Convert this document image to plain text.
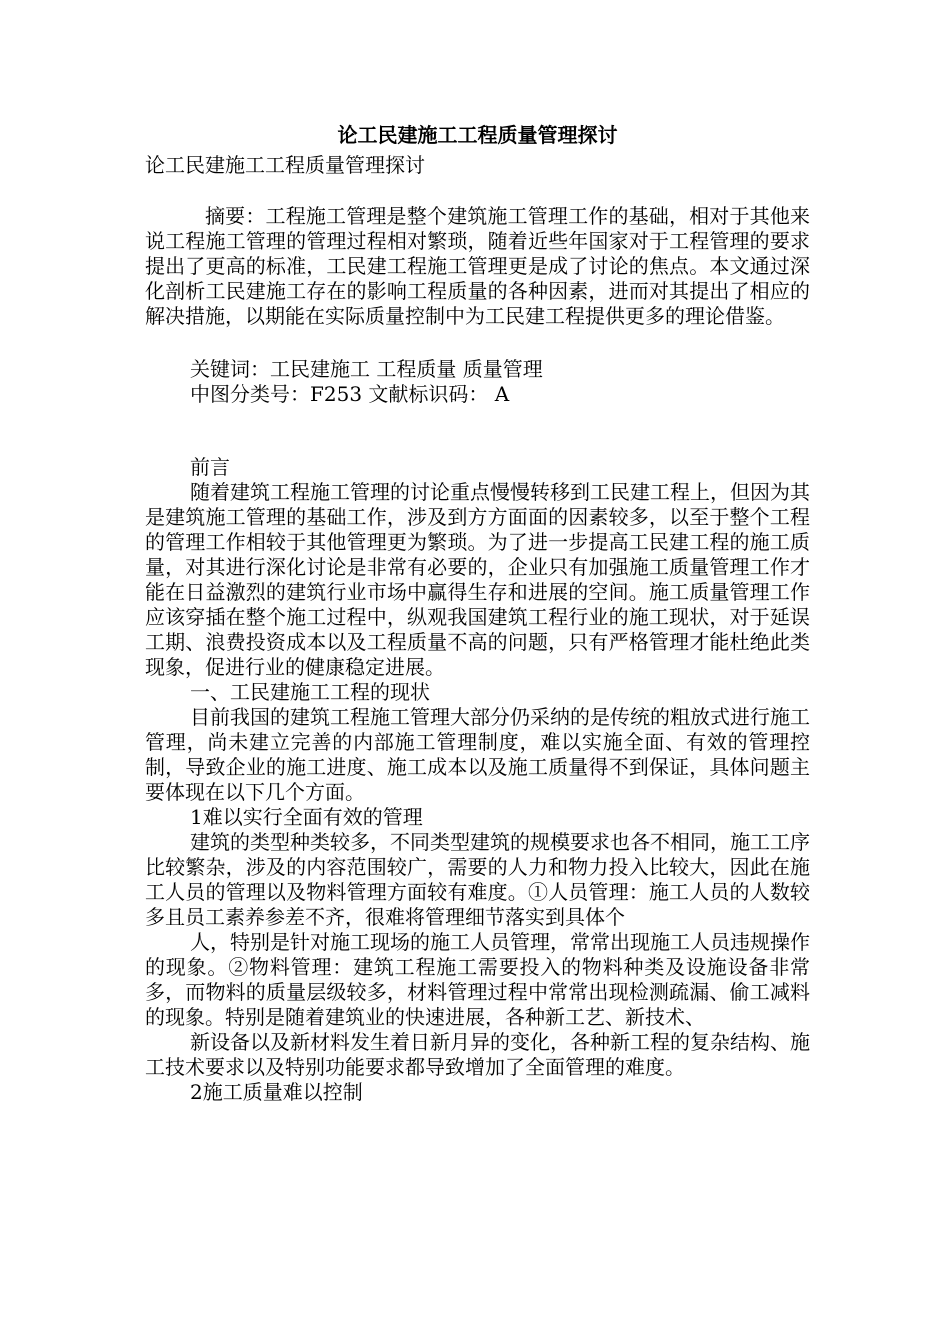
论工民建施工工程质量管理探讨

论工民建施工工程质量管理探讨

摘要：工程施工管理是整个建筑施工管理工作的基础，相对于其他来说工程施工管理的管理过程相对繁琐，随着近些年国家对于工程管理的要求提出了更高的标准，工民建工程施工管理更是成了讨论的焦点。本文通过深化剖析工民建施工存在的影响工程质量的各种因素，进而对其提出了相应的解决措施，以期能在实际质量控制中为工民建工程提供更多的理论借鉴。

关键词：工民建施工 工程质量 质量管理

中图分类号：F253 文献标识码： A

前言

随着建筑工程施工管理的讨论重点慢慢转移到工民建工程上，但因为其是建筑施工管理的基础工作，涉及到方方面面的因素较多，以至于整个工程的管理工作相较于其他管理更为繁琐。为了进一步提高工民建工程的施工质量，对其进行深化讨论是非常有必要的，企业只有加强施工质量管理工作才能在日益激烈的建筑行业市场中赢得生存和进展的空间。施工质量管理工作应该穿插在整个施工过程中，纵观我国建筑工程行业的施工现状，对于延误工期、浪费投资成本以及工程质量不高的问题，只有严格管理才能杜绝此类现象，促进行业的健康稳定进展。

一、工民建施工工程的现状

目前我国的建筑工程施工管理大部分仍采纳的是传统的粗放式进行施工管理，尚未建立完善的内部施工管理制度，难以实施全面、有效的管理控制，导致企业的施工进度、施工成本以及施工质量得不到保证，具体问题主要体现在以下几个方面。

1难以实行全面有效的管理

建筑的类型种类较多，不同类型建筑的规模要求也各不相同，施工工序比较繁杂，涉及的内容范围较广，需要的人力和物力投入比较大，因此在施工人员的管理以及物料管理方面较有难度。①人员管理：施工人员的人数较多且员工素养参差不齐，很难将管理细节落实到具体个

人，特别是针对施工现场的施工人员管理，常常出现施工人员违规操作的现象。②物料管理：建筑工程施工需要投入的物料种类及设施设备非常多，而物料的质量层级较多，材料管理过程中常常出现检测疏漏、偷工减料的现象。特别是随着建筑业的快速进展，各种新工艺、新技术、

新设备以及新材料发生着日新月异的变化，各种新工程的复杂结构、施工技术要求以及特别功能要求都导致增加了全面管理的难度。

2施工质量难以控制
